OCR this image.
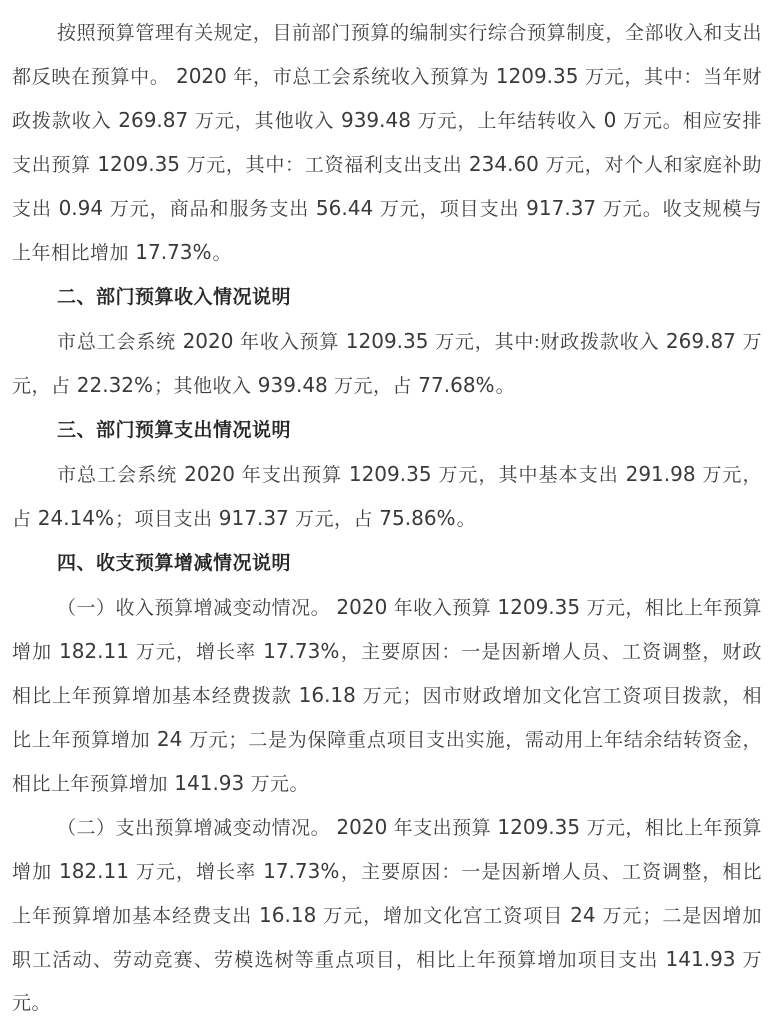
按照预算管理有关规定，目前部门预算的编制实行综合预算制度，全部收入和支出都反映在预算中。 2020 年，市总工会系统收入预算为 1209.35 万元，其中：当年财政拨款收入 269.87 万元，其他收入 939.48 万元，上年结转收入 0 万元。相应安排支出预算 1209.35 万元，其中：工资福利支出支出 234.60 万元，对个人和家庭补助支出 0.94 万元，商品和服务支出 56.44 万元，项目支出 917.37 万元。收支规模与上年相比增加 17.73%。

二、部门预算收入情况说明

市总工会系统 2020 年收入预算 1209.35 万元，其中:财政拨款收入 269.87 万元，占 22.32%；其他收入 939.48 万元，占 77.68%。

三、部门预算支出情况说明

市总工会系统 2020 年支出预算 1209.35 万元，其中基本支出 291.98 万元，占 24.14%；项目支出 917.37 万元，占 75.86%。

四、收支预算增减情况说明

（一）收入预算增减变动情况。 2020 年收入预算 1209.35 万元，相比上年预算增加 182.11 万元，增长率 17.73%，主要原因：一是因新增人员、工资调整，财政相比上年预算增加基本经费拨款 16.18 万元；因市财政增加文化宫工资项目拨款，相比上年预算增加 24 万元；二是为保障重点项目支出实施，需动用上年结余结转资金，相比上年预算增加 141.93 万元。

（二）支出预算增减变动情况。 2020 年支出预算 1209.35 万元，相比上年预算增加 182.11 万元，增长率 17.73%，主要原因：一是因新增人员、工资调整，相比上年预算增加基本经费支出 16.18 万元，增加文化宫工资项目 24 万元；二是因增加职工活动、劳动竞赛、劳模选树等重点项目，相比上年预算增加项目支出 141.93 万元。
